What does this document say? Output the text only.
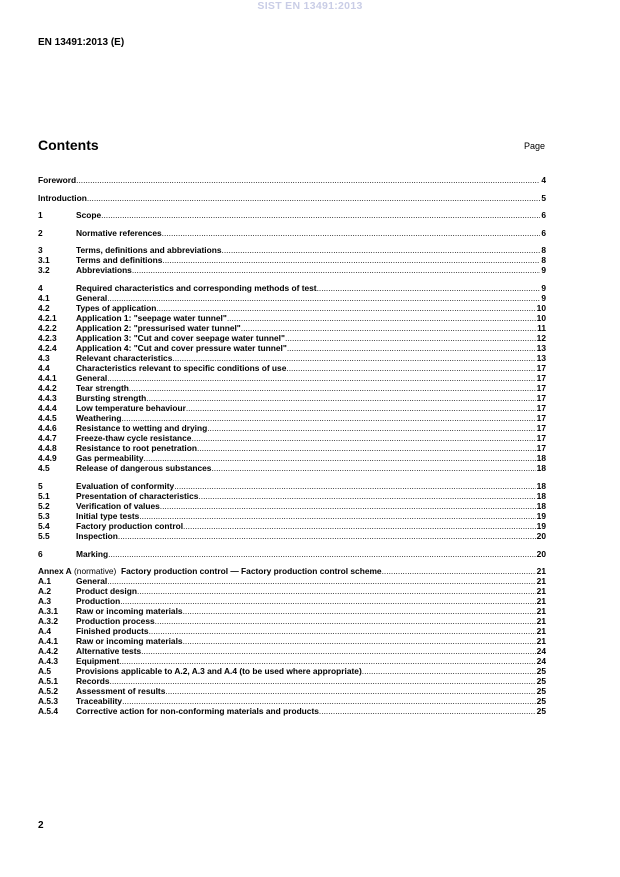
SIST EN 13491:2013
EN 13491:2013 (E)
Contents	Page
Foreword .....	4
Introduction .....	5
1	Scope .....	6
2	Normative references .....	6
3	Terms, definitions and abbreviations .....	8
3.1	Terms and definitions .....	8
3.2	Abbreviations .....	9
4	Required characteristics and corresponding methods of test .....	9
4.1	General .....	9
4.2	Types of application .....	10
4.2.1 Application 1: "seepage water tunnel" .....	10
4.2.2 Application 2: "pressurised water tunnel" .....	11
4.2.3 Application 3: "Cut and cover seepage water tunnel" .....	12
4.2.4 Application 4: "Cut and cover pressure water tunnel" .....	13
4.3	Relevant characteristics .....	13
4.4	Characteristics relevant to specific conditions of use .....	17
4.4.1 General .....	17
4.4.2 Tear strength .....	17
4.4.3 Bursting strength .....	17
4.4.4 Low temperature behaviour .....	17
4.4.5 Weathering .....	17
4.4.6 Resistance to wetting and drying .....	17
4.4.7 Freeze-thaw cycle resistance .....	17
4.4.8 Resistance to root penetration .....	17
4.4.9 Gas permeability .....	18
4.5	Release of dangerous substances .....	18
5	Evaluation of conformity .....	18
5.1	Presentation of characteristics .....	18
5.2	Verification of values .....	18
5.3	Initial type tests .....	19
5.4	Factory production control .....	19
5.5	Inspection .....	20
6	Marking .....	20
Annex A (normative)  Factory production control — Factory production control scheme .....	21
A.1	General .....	21
A.2	Product design .....	21
A.3	Production .....	21
A.3.1 Raw or incoming materials .....	21
A.3.2 Production process .....	21
A.4	Finished products .....	21
A.4.1 Raw or incoming materials .....	21
A.4.2 Alternative tests .....	24
A.4.3 Equipment .....	24
A.5	Provisions applicable to A.2, A.3 and A.4 (to be used where appropriate) .....	25
A.5.1 Records .....	25
A.5.2 Assessment of results .....	25
A.5.3 Traceability .....	25
A.5.4 Corrective action for non-conforming materials and products .....	25
2
